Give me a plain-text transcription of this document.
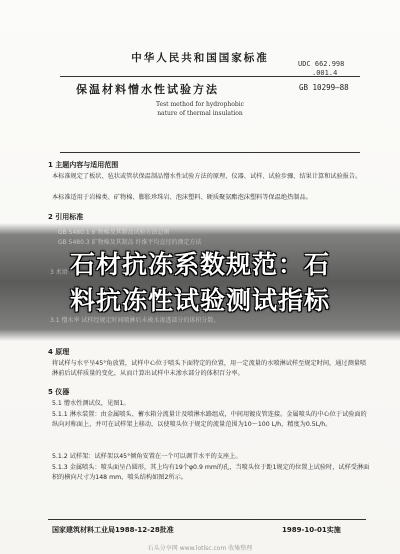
中华人民共和国国家标准	UDC 662.998
.001.4
保温材料憎水性试验方法	GB 10299—88
Test method for hydrophobic
nature of thermal insulation
1 主题内容与适用范围
本标准规定了板状、毡状或管状保温制品憎水性试验方法的原理、仪器、试样、试验步骤、结果计算和试验报告。
本标准适用于岩棉类、矿物棉、膨胀珍珠岩、泡沫塑料、硬质聚氨酯泡沫塑料等保温绝热制品。
2 引用标准
GB 5480.1 矿物棉及其制品试验方法总则
GB 5480.3 矿物棉及其制品 纤维平均直径的测定方法
石材抗冻系数规范：石
料抗冻性试验测试指标
3 术语
3.1 憎水率 试样经规定时间喷淋后未被水渗透部分的体积分数。
4 原理
将试样与水平呈45°角放置，试样中心位于喷头下面特定的位置，用一定流量的水喷淋试样至规定时间，通过测量喷淋前后试样质量的变化，从而计算出试样中未渗水部分的体积百分率。
5 仪器
5.1 憎水性测试仪，见图1。
5.1.1 淋水装置：由金属喷头、蓄水箱分流量计及喷淋水路组成，中间用镀皮管连接。金属喷头的中心位于试验面的纵向对称面上，并可在试样架上移动，以使喷头位于规定的流量范围为10～100 L/h，精度为0.5L/h。
5.1.2 试样架：试样架以45°倾角安置在一个可以调节水平的支座上。
5.1.3 金属喷头：喷头面呈凸圆形，其上均有19个φ0.9 mm的孔，当喷头位于距1规定的位置上试验时，试样受淋面积的横向尺寸为148 mm，喷头结构如图2所示。
国家建筑材料工业局1988-12-28批准	1989-10-01实施
石头分享网 www.lotlsc.com 收集整理
